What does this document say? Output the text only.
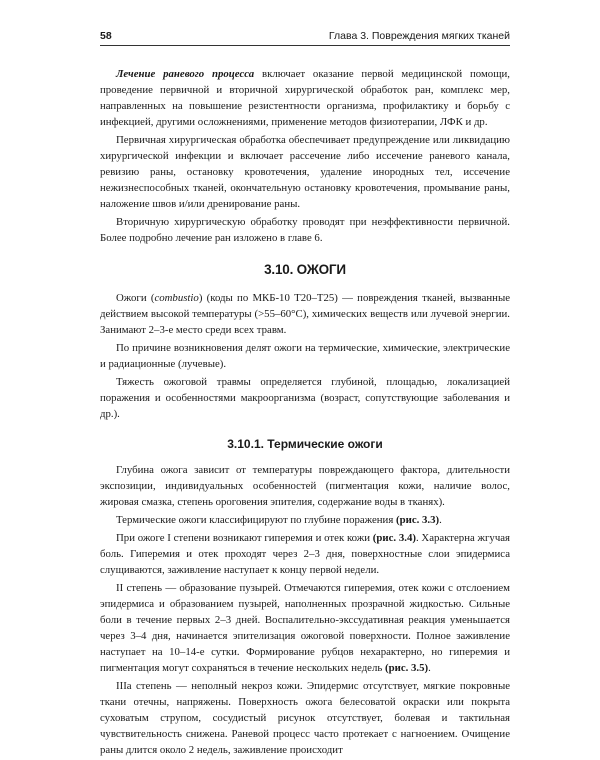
58	Глава 3. Повреждения мягких тканей

Лечение раневого процесса включает оказание первой медицинской помощи, проведение первичной и вторичной хирургической обработок ран, комплекс мер, направленных на повышение резистентности организма, профилактику и борьбу с инфекцией, другими осложнениями, применение методов физиотерапии, ЛФК и др.

Первичная хирургическая обработка обеспечивает предупреждение или ликвидацию хирургической инфекции и включает рассечение либо иссечение раневого канала, ревизию раны, остановку кровотечения, удаление инородных тел, иссечение нежизнеспособных тканей, окончательную остановку кровотечения, промывание раны, наложение швов и/или дренирование раны.

Вторичную хирургическую обработку проводят при неэффективности первичной. Более подробно лечение ран изложено в главе 6.

3.10. ОЖОГИ

Ожоги (combustio) (коды по МКБ-10 T20–T25) — повреждения тканей, вызванные действием высокой температуры (>55–60°С), химических веществ или лучевой энергии. Занимают 2–3-е место среди всех травм.

По причине возникновения делят ожоги на термические, химические, электрические и радиационные (лучевые).

Тяжесть ожоговой травмы определяется глубиной, площадью, локализацией поражения и особенностями макроорганизма (возраст, сопутствующие заболевания и др.).

3.10.1. Термические ожоги

Глубина ожога зависит от температуры повреждающего фактора, длительности экспозиции, индивидуальных особенностей (пигментация кожи, наличие волос, жировая смазка, степень ороговения эпителия, содержание воды в тканях).

Термические ожоги классифицируют по глубине поражения (рис. 3.3).

При ожоге I степени возникают гиперемия и отек кожи (рис. 3.4). Характерна жгучая боль. Гиперемия и отек проходят через 2–3 дня, поверхностные слои эпидермиса слущиваются, заживление наступает к концу первой недели.

II степень — образование пузырей. Отмечаются гиперемия, отек кожи с отслоением эпидермиса и образованием пузырей, наполненных прозрачной жидкостью. Сильные боли в течение первых 2–3 дней. Воспалительно-экссудативная реакция уменьшается через 3–4 дня, начинается эпителизация ожоговой поверхности. Полное заживление наступает на 10–14-е сутки. Формирование рубцов нехарактерно, но гиперемия и пигментация могут сохраняться в течение нескольких недель (рис. 3.5).

IIIа степень — неполный некроз кожи. Эпидермис отсутствует, мягкие покровные ткани отечны, напряжены. Поверхность ожога белесоватой окраски или покрыта суховатым струпом, сосудистый рисунок отсутствует, болевая и тактильная чувствительность снижена. Раневой процесс часто протекает с нагноением. Очищение раны длится около 2 недель, заживление происходит
